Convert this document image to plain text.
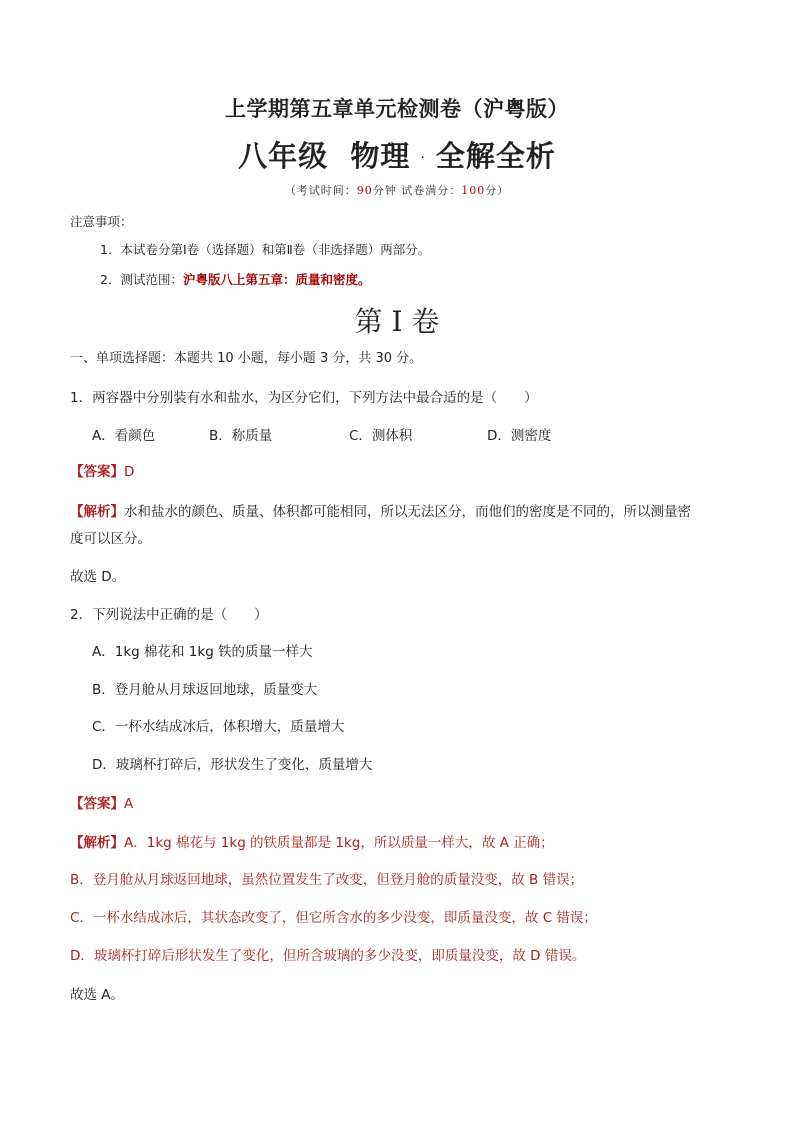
上学期第五章单元检测卷（沪粤版）
八年级 物理 · 全解全析
（考试时间：90分钟 试卷满分：100分）
注意事项：
1．本试卷分第Ⅰ卷（选择题）和第Ⅱ卷（非选择题）两部分。
2．测试范围：沪粤版八上第五章：质量和密度。
第 I 卷
一、单项选择题：本题共 10 小题，每小题 3 分，共 30 分。
1．两容器中分别装有水和盐水，为区分它们，下列方法中最合适的是（　　）
A．看颜色	B．称质量	C．测体积	D．测密度
【答案】D
【解析】水和盐水的颜色、质量、体积都可能相同，所以无法区分，而他们的密度是不同的，所以测量密
度可以区分。
故选 D。
2．下列说法中正确的是（　　）
A．1kg 棉花和 1kg 铁的质量一样大
B．登月舱从月球返回地球，质量变大
C．一杯水结成冰后，体积增大，质量增大
D．玻璃杯打碎后，形状发生了变化，质量增大
【答案】A
【解析】A．1kg 棉花与 1kg 的铁质量都是 1kg，所以质量一样大，故 A 正确；
B．登月舱从月球返回地球，虽然位置发生了改变，但登月舱的质量没变，故 B 错误；
C．一杯水结成冰后，其状态改变了，但它所含水的多少没变，即质量没变，故 C 错误；
D．玻璃杯打碎后形状发生了变化，但所含玻璃的多少没变，即质量没变，故 D 错误。
故选 A。
